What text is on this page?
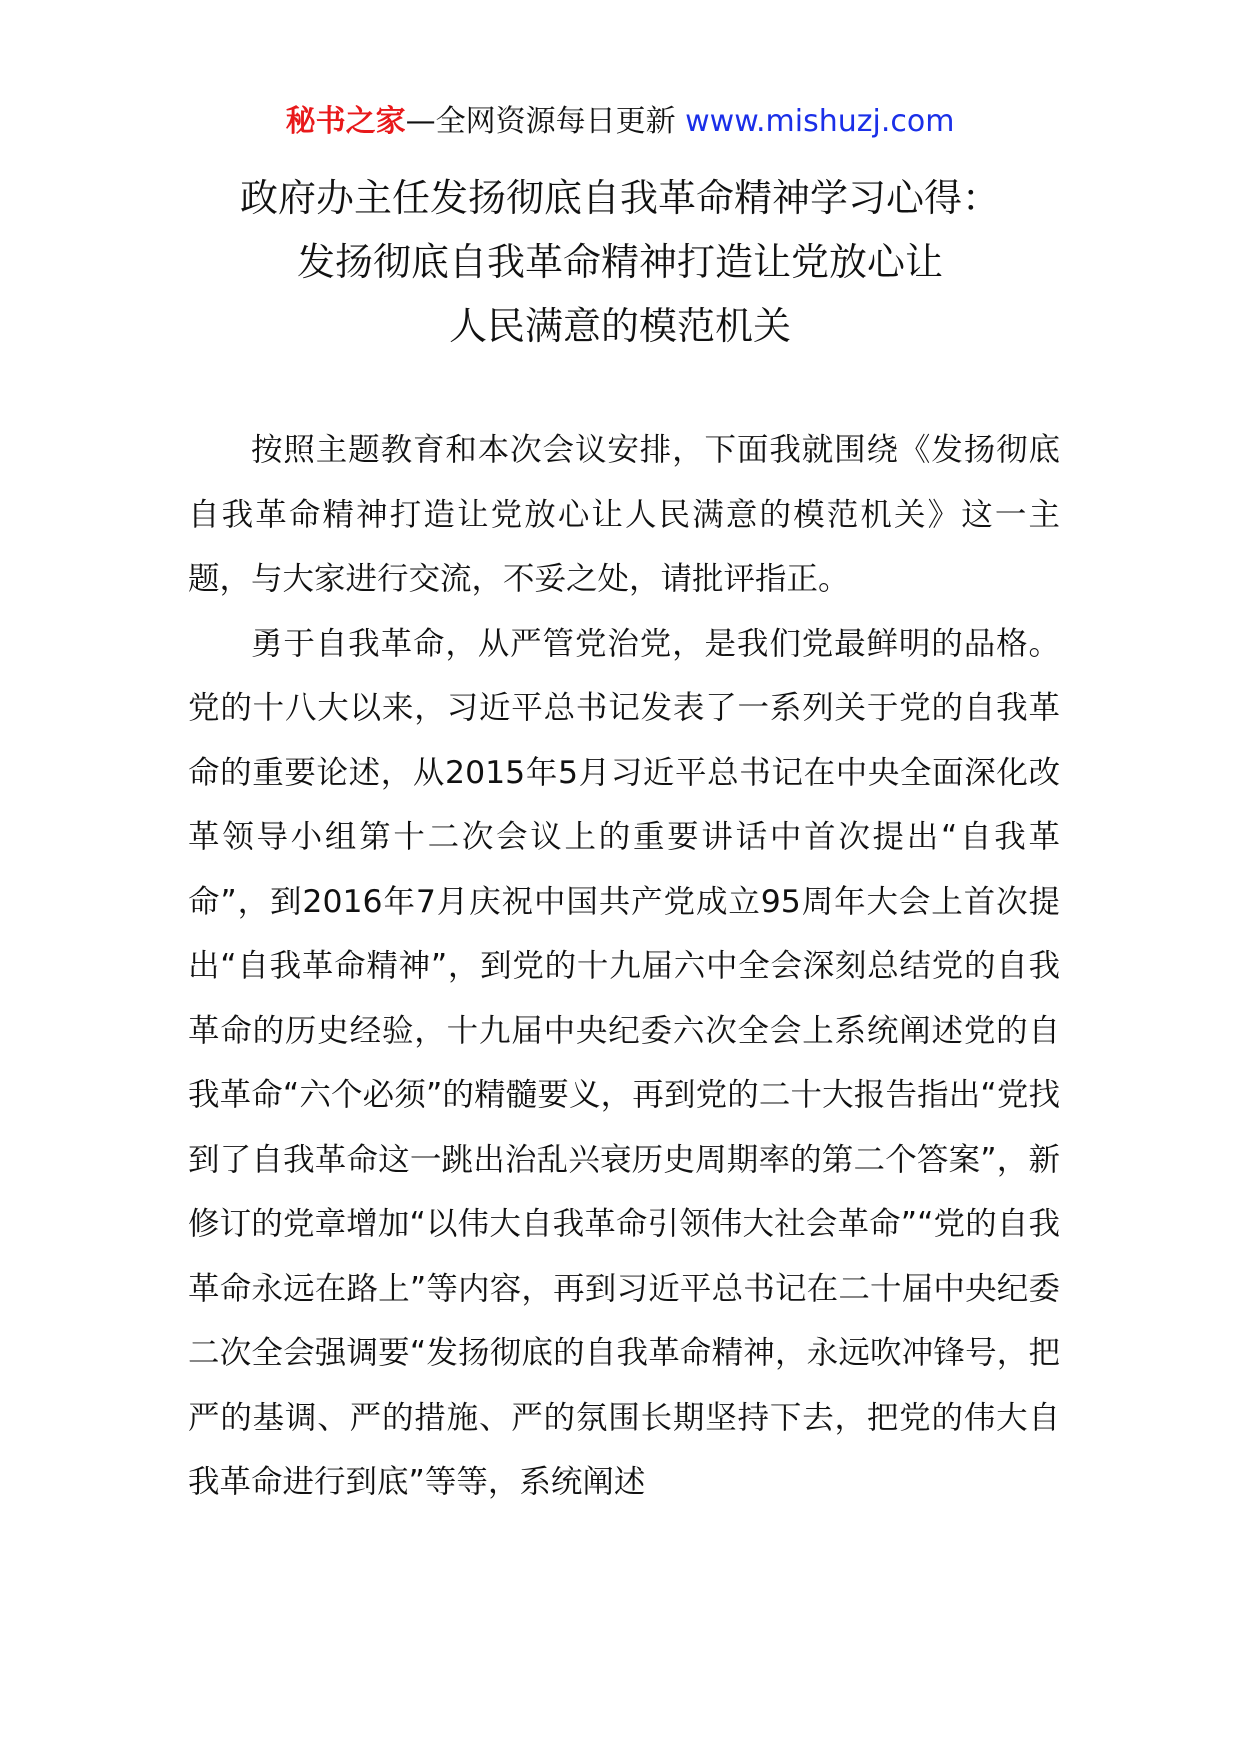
秘书之家—全网资源每日更新 www.mishuzj.com
政府办主任发扬彻底自我革命精神学习心得：
发扬彻底自我革命精神打造让党放心让
人民满意的模范机关

按照主题教育和本次会议安排，下面我就围绕《发扬彻底自我革命精神打造让党放心让人民满意的模范机关》这一主题，与大家进行交流，不妥之处，请批评指正。

勇于自我革命，从严管党治党，是我们党最鲜明的品格。党的十八大以来，习近平总书记发表了一系列关于党的自我革命的重要论述，从2015年5月习近平总书记在中央全面深化改革领导小组第十二次会议上的重要讲话中首次提出“自我革命”，到2016年7月庆祝中国共产党成立95周年大会上首次提出“自我革命精神”，到党的十九届六中全会深刻总结党的自我革命的历史经验，十九届中央纪委六次全会上系统阐述党的自我革命“六个必须”的精髓要义，再到党的二十大报告指出“党找到了自我革命这一跳出治乱兴衰历史周期率的第二个答案”，新修订的党章增加“以伟大自我革命引领伟大社会革命”“党的自我革命永远在路上”等内容，再到习近平总书记在二十届中央纪委二次全会强调要“发扬彻底的自我革命精神，永远吹冲锋号，把严的基调、严的措施、严的氛围长期坚持下去，把党的伟大自我革命进行到底”等等，系统阐述
